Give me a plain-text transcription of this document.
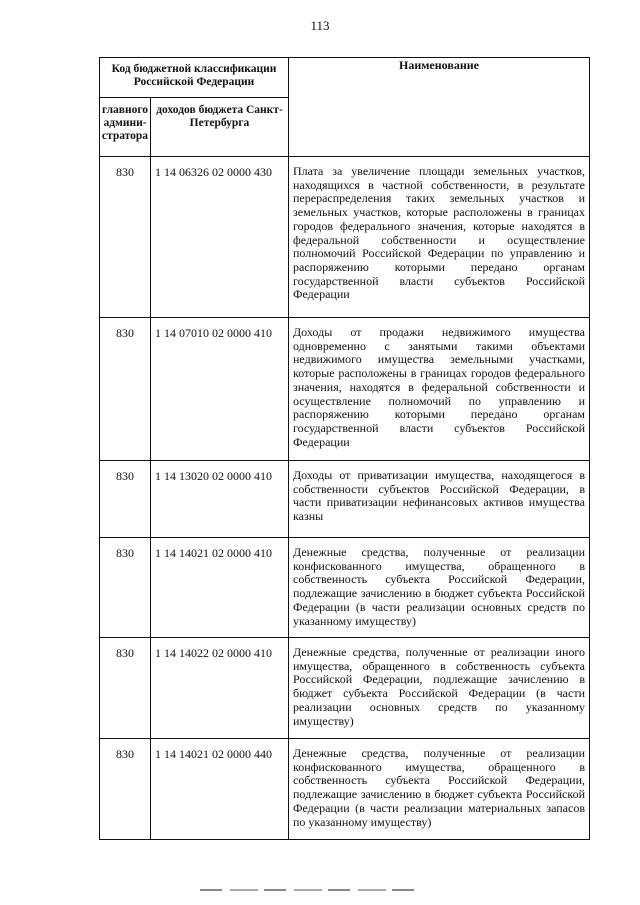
113
Код бюджетной классификации Российской Федерации		Наименование
главного админи-стратора	доходов бюджета Санкт-Петербурга	
830	1 14 06326 02 0000 430	Плата за увеличение площади земельных участков, находящихся в частной собственности, в результате перераспределения таких земельных участков и земельных участков, которые расположены в границах городов федерального значения, которые находятся в федеральной собственности и осуществление полномочий Российской Федерации по управлению и распоряжению которыми передано органам государственной власти субъектов Российской Федерации
830	1 14 07010 02 0000 410	Доходы от продажи недвижимого имущества одновременно с занятыми такими объектами недвижимого имущества земельными участками, которые расположены в границах городов федерального значения, находятся в федеральной собственности и осуществление полномочий по управлению и распоряжению которыми передано органам государственной власти субъектов Российской Федерации
830	1 14 13020 02 0000 410	Доходы от приватизации имущества, находящегося в собственности субъектов Российской Федерации, в части приватизации нефинансовых активов имущества казны
830	1 14 14021 02 0000 410	Денежные средства, полученные от реализации конфискованного имущества, обращенного в собственность субъекта Российской Федерации, подлежащие зачислению в бюджет субъекта Российской Федерации (в части реализации основных средств по указанному имуществу)
830	1 14 14022 02 0000 410	Денежные средства, полученные от реализации иного имущества, обращенного в собственность субъекта Российской Федерации, подлежащие зачислению в бюджет субъекта Российской Федерации (в части реализации основных средств по указанному имуществу)
830	1 14 14021 02 0000 440	Денежные средства, полученные от реализации конфискованного имущества, обращенного в собственность субъекта Российской Федерации, подлежащие зачислению в бюджет субъекта Российской Федерации (в части реализации материальных запасов по указанному имуществу)
